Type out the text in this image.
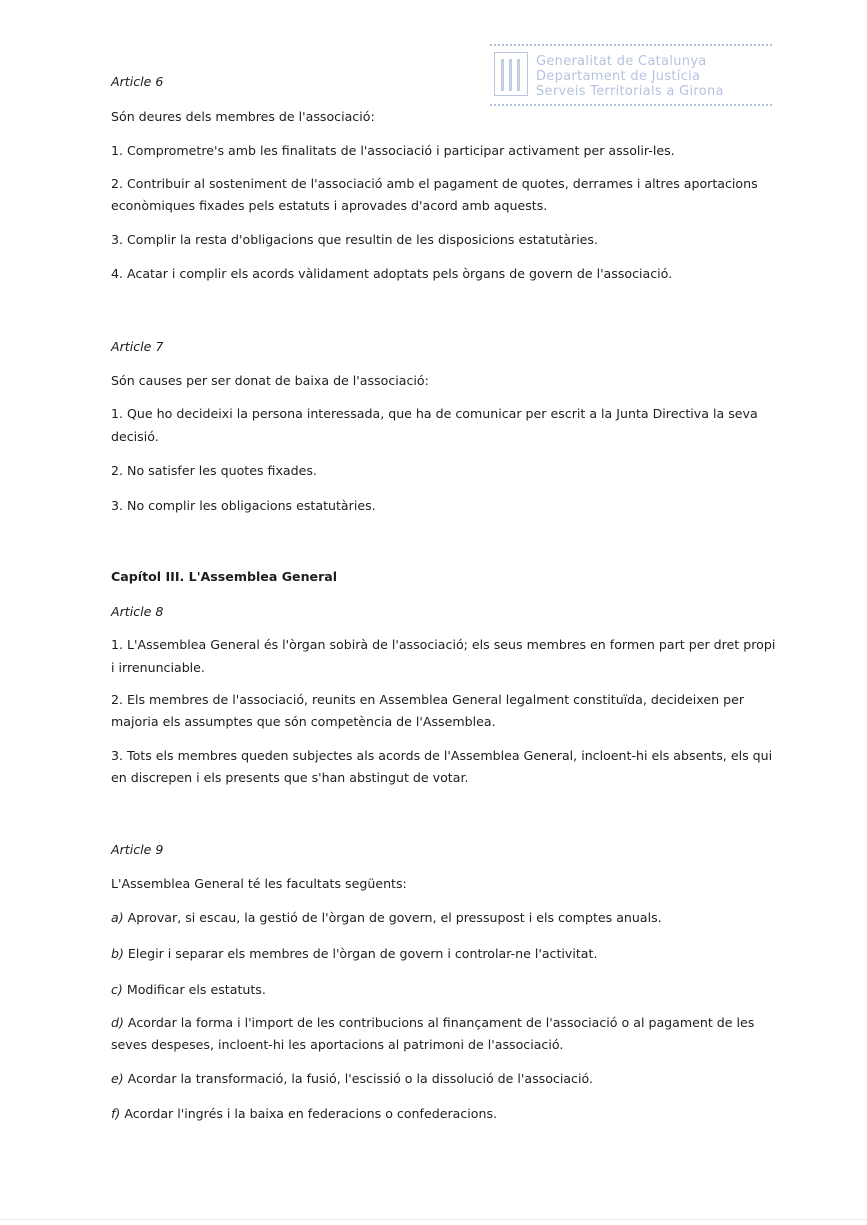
Generalitat de Catalunya
Departament de Justícia
Serveis Territorials a Girona

Article 6

Són deures dels membres de l'associació:

1. Comprometre's amb les finalitats de l'associació i participar activament per assolir-les.

2. Contribuir al sosteniment de l'associació amb el pagament de quotes, derrames i altres aportacions

econòmiques fixades pels estatuts i aprovades d'acord amb aquests.

3. Complir la resta d'obligacions que resultin de les disposicions estatutàries.

4. Acatar i complir els acords vàlidament adoptats pels òrgans de govern de l'associació.

Article 7

Són causes per ser donat de baixa de l'associació:

1. Que ho decideixi la persona interessada, que ha de comunicar per escrit a la Junta Directiva la seva

decisió.

2. No satisfer les quotes fixades.

3. No complir les obligacions estatutàries.

Capítol III. L'Assemblea General

Article 8

1. L'Assemblea General és l'òrgan sobirà de l'associació; els seus membres en formen part per dret propi

i irrenunciable.

2. Els membres de l'associació, reunits en Assemblea General legalment constituïda, decideixen per

majoria els assumptes que són competència de l'Assemblea.

3. Tots els membres queden subjectes als acords de l'Assemblea General, incloent-hi els absents, els qui

en discrepen i els presents que s'han abstingut de votar.

Article 9

L'Assemblea General té les facultats següents:

a) Aprovar, si escau, la gestió de l'òrgan de govern, el pressupost i els comptes anuals.

b) Elegir i separar els membres de l'òrgan de govern i controlar-ne l'activitat.

c) Modificar els estatuts.

d) Acordar la forma i l'import de les contribucions al finançament de l'associació o al pagament de les

seves despeses, incloent-hi les aportacions al patrimoni de l'associació.

e) Acordar la transformació, la fusió, l'escissió o la dissolució de l'associació.

f) Acordar l'ingrés i la baixa en federacions o confederacions.
